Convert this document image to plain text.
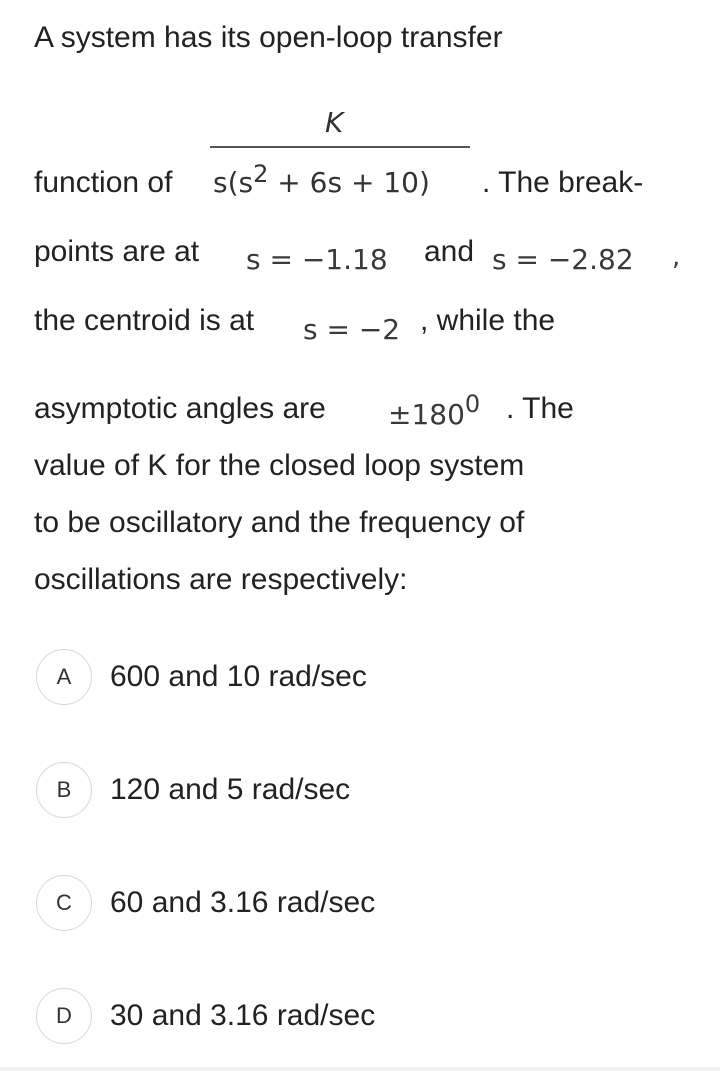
A system has its open-loop transfer
K
function of $s(s^2 + 6s + 10)$ . The break-
points are at s = −1.18 and s = −2.82 ,
the centroid is at s = −2 , while the
asymptotic angles are $\pm 180^0$ . The
value of K for the closed loop system
to be oscillatory and the frequency of
oscillations are respectively:
A	600 and 10 rad/sec
B	120 and 5 rad/sec
C	60 and 3.16 rad/sec
D	30 and 3.16 rad/sec
